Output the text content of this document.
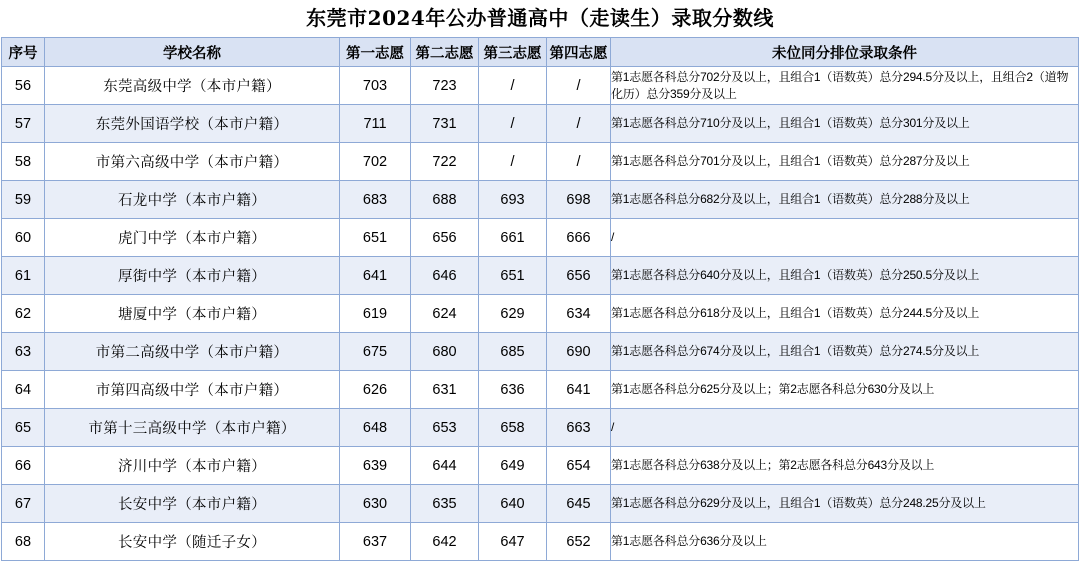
东莞市2024年公办普通高中（走读生）录取分数线
序号	学校名称	第一志愿	第二志愿	第三志愿	第四志愿	未位同分排位录取条件
56	东莞高级中学（本市户籍）	703	723	/	/	第1志愿各科总分702分及以上，且组合1（语数英）总分294.5分及以上，且组合2（道物化历）总分359分及以上
57	东莞外国语学校（本市户籍）	711	731	/	/	第1志愿各科总分710分及以上，且组合1（语数英）总分301分及以上
58	市第六高级中学（本市户籍）	702	722	/	/	第1志愿各科总分701分及以上，且组合1（语数英）总分287分及以上
59	石龙中学（本市户籍）	683	688	693	698	第1志愿各科总分682分及以上，且组合1（语数英）总分288分及以上
60	虎门中学（本市户籍）	651	656	661	666	/
61	厚街中学（本市户籍）	641	646	651	656	第1志愿各科总分640分及以上，且组合1（语数英）总分250.5分及以上
62	塘厦中学（本市户籍）	619	624	629	634	第1志愿各科总分618分及以上，且组合1（语数英）总分244.5分及以上
63	市第二高级中学（本市户籍）	675	680	685	690	第1志愿各科总分674分及以上，且组合1（语数英）总分274.5分及以上
64	市第四高级中学（本市户籍）	626	631	636	641	第1志愿各科总分625分及以上；第2志愿各科总分630分及以上
65	市第十三高级中学（本市户籍）	648	653	658	663	/
66	济川中学（本市户籍）	639	644	649	654	第1志愿各科总分638分及以上；第2志愿各科总分643分及以上
67	长安中学（本市户籍）	630	635	640	645	第1志愿各科总分629分及以上，且组合1（语数英）总分248.25分及以上
68	长安中学（随迁子女）	637	642	647	652	第1志愿各科总分636分及以上
